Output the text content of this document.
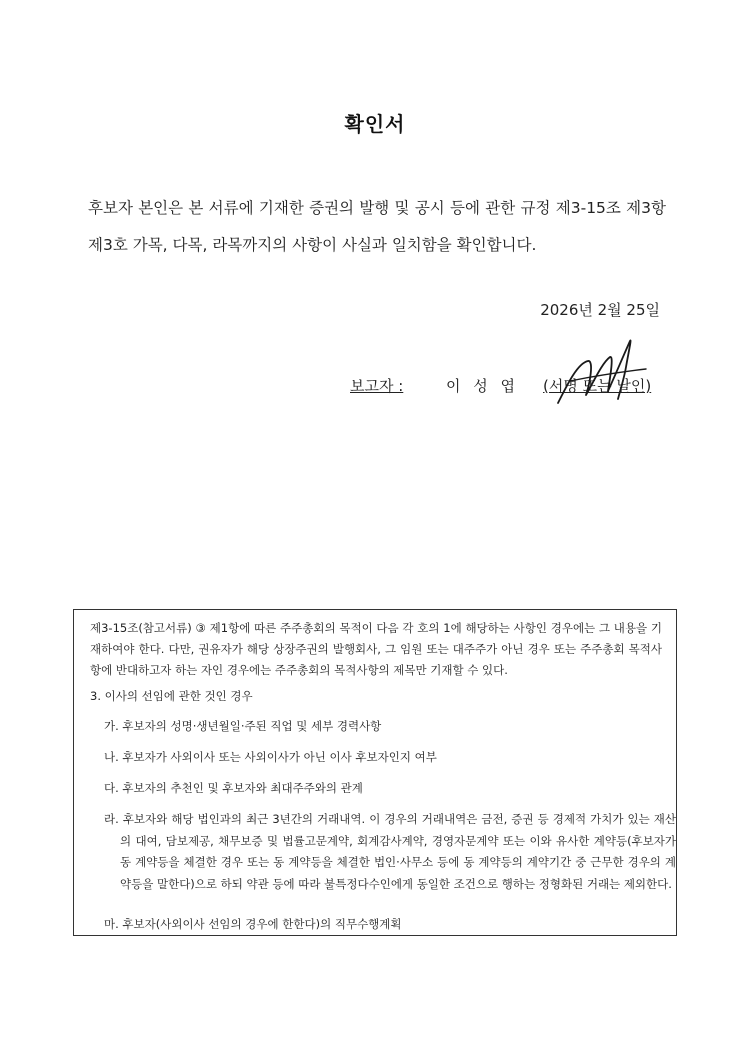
확인서
후보자 본인은 본 서류에 기재한 증권의 발행 및 공시 등에 관한 규정 제3-15조 제3항 제3호 가목, 다목, 라목까지의 사항이 사실과 일치함을 확인합니다.
2026년 2월 25일
보고자 :	이 성 엽 (서명 또는 날인)
제3-15조(참고서류) ③ 제1항에 따른 주주총회의 목적이 다음 각 호의 1에 해당하는 사항인 경우에는 그 내용을 기재하여야 한다. 다만, 권유자가 해당 상장주권의 발행회사, 그 임원 또는 대주주가 아닌 경우 또는 주주총회 목적사항에 반대하고자 하는 자인 경우에는 주주총회의 목적사항의 제목만 기재할 수 있다.
3. 이사의 선임에 관한 것인 경우
가. 후보자의 성명·생년월일·주된 직업 및 세부 경력사항
나. 후보자가 사외이사 또는 사외이사가 아닌 이사 후보자인지 여부
다. 후보자의 추천인 및 후보자와 최대주주와의 관계
라. 후보자와 해당 법인과의 최근 3년간의 거래내역. 이 경우의 거래내역은 금전, 증권 등 경제적 가치가 있는 재산의 대여, 담보제공, 채무보증 및 법률고문계약, 회계감사계약, 경영자문계약 또는 이와 유사한 계약등(후보자가 동 계약등을 체결한 경우 또는 동 계약등을 체결한 법인·사무소 등에 동 계약등의 계약기간 중 근무한 경우의 계약등을 말한다)으로 하되 약관 등에 따라 불특정다수인에게 동일한 조건으로 행하는 정형화된 거래는 제외한다.
마. 후보자(사외이사 선임의 경우에 한한다)의 직무수행계획
